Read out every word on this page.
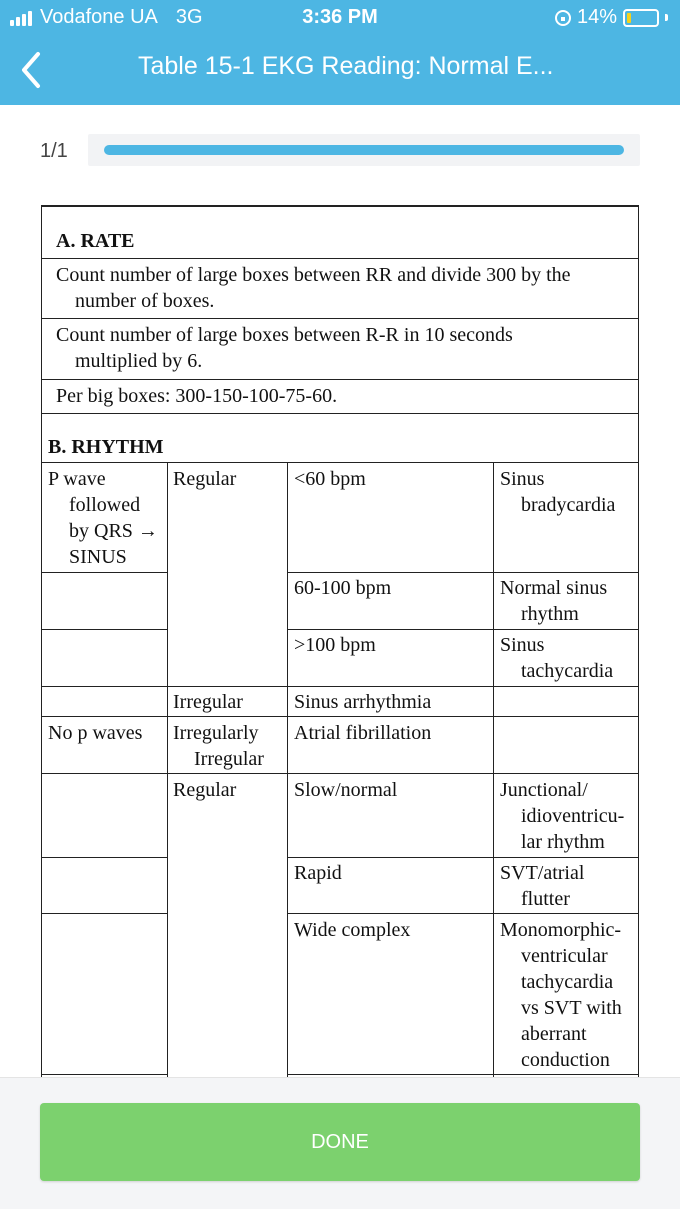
Vodafone UA 3G	3:36 PM	14%
Table 15-1 EKG Reading: Normal E...
1/1
A. RATE
Count number of large boxes between RR and divide 300 by the
number of boxes.
Count number of large boxes between R-R in 10 seconds
multiplied by 6.
Per big boxes: 300-150-100-75-60.
B. RHYTHM
P wave
followed
by QRS →
SINUS
No p waves
Regular
Irregular
Irregularly
Irregular
Regular
<60 bpm
60-100 bpm
>100 bpm
Sinus arrhythmia
Atrial fibrillation
Slow/normal
Rapid
Wide complex
Sinus
bradycardia
Normal sinus
rhythm
Sinus
tachycardia
Junctional/
idioventricu-
lar rhythm
SVT/atrial
flutter
Monomorphic-
ventricular
tachycardia
vs SVT with
aberrant
conduction
DONE
